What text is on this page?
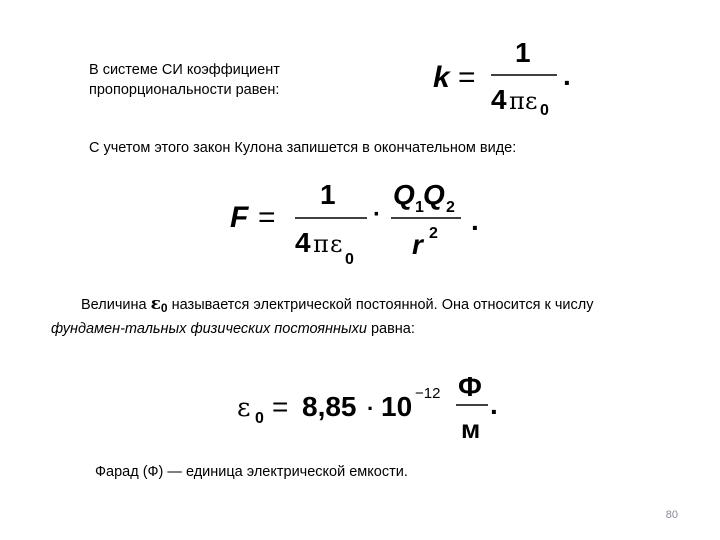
В системе СИ коэффициент
пропорциональности равен:	k =
1
4 π ε 0
.
С учетом этого закон Кулона запишется в окончательном виде:
F =
1
4 π ε
0
·
Q 1 Q 2
r 2 .
Величина $\varepsilon_0$ называется электрической постоянной. Она относится к числу
фундамен-тальных физических постоянныхи равна:
ε 0 = 8,85 · 10 −12 Ф
м
.
Фарад (Ф) — единица электрической емкости.
80
